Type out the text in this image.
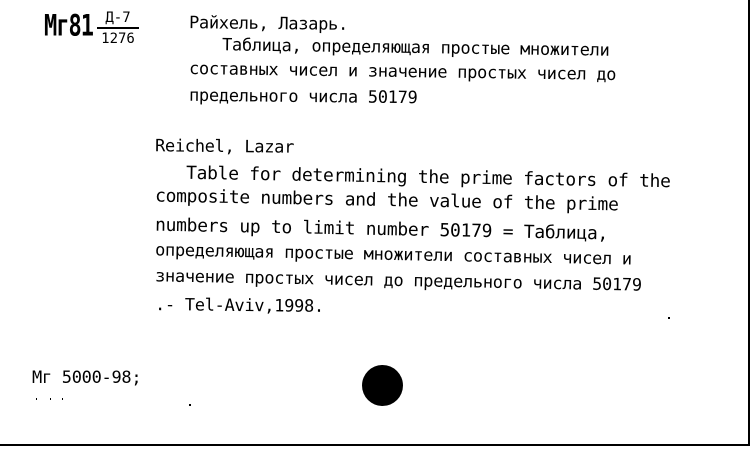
Мг81 Д-7
1276
Райхель, Лазарь.
Таблица, определяющая простые множители
составных чисел и значение простых чисел до
предельного числа 50179
Reichel, Lazar
Table for determining the prime factors of the
composite numbers and the value of the prime
numbers up to limit number 50179 = Таблица,
определяющая простые множители составных чисел и
значение простых чисел до предельного числа 50179
.- Tel-Aviv,1998.
Мг 5000-98;
